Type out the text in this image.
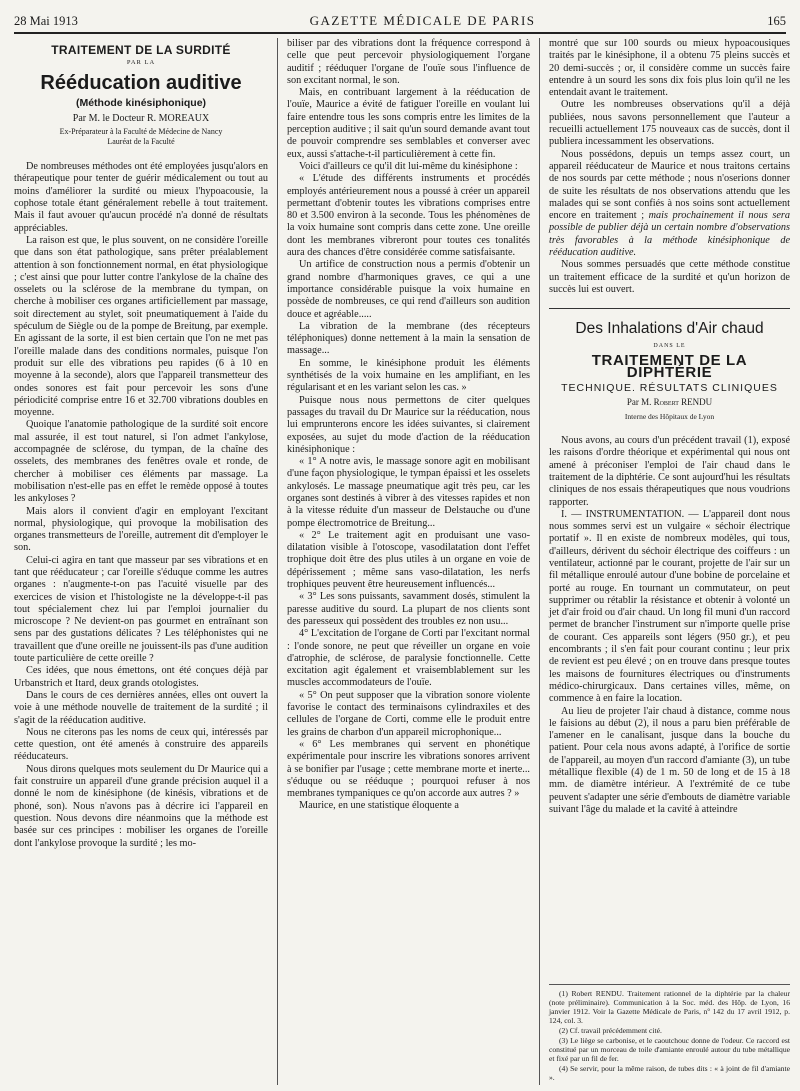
28 Mai 1913	GAZETTE MÉDICALE DE PARIS	165
TRAITEMENT DE LA SURDITÉ
PAR LA
Rééducation auditive
(Méthode kinésiphonique)
Par M. le Docteur R. MOREAUX
Ex-Préparateur à la Faculté de Médecine de Nancy
Lauréat de la Faculté

De nombreuses méthodes ont été employées jusqu'alors en thérapeutique pour tenter de guérir médicalement ou tout au moins d'améliorer la surdité ou mieux l'hypoacousie, la cophose totale étant généralement rebelle à tout traitement. Mais il faut avouer qu'aucun procédé n'a donné de résultats appréciables.

La raison est que, le plus souvent, on ne considère l'oreille que dans son état pathologique, sans prêter préalablement attention à son fonctionnement normal, en état physiologique ; c'est ainsi que pour lutter contre l'ankylose de la chaîne des osselets ou la sclérose de la membrane du tympan, on cherche à mobiliser ces organes artificiellement par massage, soit directement au stylet, soit pneumatiquement à l'aide du spéculum de Siègle ou de la pompe de Breitung, par exemple. En agissant de la sorte, il est bien certain que l'on ne met pas l'oreille malade dans des conditions normales, puisque l'on produit sur elle des vibrations peu rapides (6 à 10 en moyenne à la seconde), alors que l'appareil transmetteur des ondes sonores est fait pour percevoir les sons d'une périodicité comprise entre 16 et 32.700 vibrations doubles en moyenne.

Quoique l'anatomie pathologique de la surdité soit encore mal assurée, il est tout naturel, si l'on admet l'ankylose, accompagnée de sclérose, du tympan, de la chaîne des osselets, des membranes des fenêtres ovale et ronde, de chercher à mobiliser ces éléments par massage. La mobilisation n'est-elle pas en effet le remède opposé à toutes les ankyloses ?

Mais alors il convient d'agir en employant l'excitant normal, physiologique, qui provoque la mobilisation des organes transmetteurs de l'oreille, autrement dit d'employer le son.

Celui-ci agira en tant que masseur par ses vibrations et en tant que rééducateur ; car l'oreille s'éduque comme les autres organes : n'augmente-t-on pas l'acuité visuelle par des exercices de vision et l'histologiste ne la développe-t-il pas tout spécialement chez lui par l'emploi journalier du microscope ? Ne devient-on pas gourmet en entraînant son sens par des gustations délicates ? Les téléphonistes qui ne travaillent que d'une oreille ne jouissent-ils pas d'une audition toute particulière de cette oreille ?

Ces idées, que nous émettons, ont été conçues déjà par Urbanstrich et Itard, deux grands otologistes.

Dans le cours de ces dernières années, elles ont ouvert la voie à une méthode nouvelle de traitement de la surdité ; il s'agit de la rééducation auditive.

Nous ne citerons pas les noms de ceux qui, intéressés par cette question, ont été amenés à construire des appareils rééducateurs.

Nous dirons quelques mots seulement du Dr Maurice qui a fait construire un appareil d'une grande précision auquel il a donné le nom de kinésiphone (de kinésis, vibrations et de phoné, son). Nous n'avons pas à décrire ici l'appareil en question. Nous devons dire néanmoins que la méthode est basée sur ces principes : mobiliser les organes de l'oreille dont l'ankylose provoque la surdité ; les mo-

biliser par des vibrations dont la fréquence correspond à celle que peut percevoir physiologiquement l'organe auditif ; rééduquer l'organe de l'ouïe sous l'influence de son excitant normal, le son.

Mais, en contribuant largement à la rééducation de l'ouïe, Maurice a évité de fatiguer l'oreille en voulant lui faire entendre tous les sons compris entre les limites de la perception auditive ; il sait qu'un sourd demande avant tout de pouvoir comprendre ses semblables et converser avec eux, aussi s'attache-t-il particulièrement à cette fin.

Voici d'ailleurs ce qu'il dit lui-même du kinésiphone :

« L'étude des différents instruments et procédés employés antérieurement nous a poussé à créer un appareil permettant d'obtenir toutes les vibrations comprises entre 80 et 3.500 environ à la seconde. Tous les phénomènes de la voix humaine sont compris dans cette zone. Une oreille dont les membranes vibreront pour toutes ces tonalités aura des chances d'être considérée comme satisfaisante.

Un artifice de construction nous a permis d'obtenir un grand nombre d'harmoniques graves, ce qui a une importance considérable puisque la voix humaine en possède de nombreuses, ce qui rend d'ailleurs son audition douce et agréable.....

La vibration de la membrane (des récepteurs téléphoniques) donne nettement à la main la sensation de massage...

En somme, le kinésiphone produit les éléments synthétisés de la voix humaine en les amplifiant, en les régularisant et en les variant selon les cas. »

Puisque nous nous permettons de citer quelques passages du travail du Dr Maurice sur la rééducation, nous lui emprunterons encore les idées suivantes, si clairement exposées, au sujet du mode d'action de la rééducation kinésiphonique :

« 1° A notre avis, le massage sonore agit en mobilisant d'une façon physiologique, le tympan épaissi et les osselets ankylosés. Le massage pneumatique agit très peu, car les organes sont destinés à vibrer à des vitesses rapides et non à la vitesse réduite d'un masseur de Delstauche ou d'une pompe électromotrice de Breitung...

« 2° Le traitement agit en produisant une vaso-dilatation visible à l'otoscope, vasodilatation dont l'effet trophique doit être des plus utiles à un organe en voie de dépérissement ; même sans vaso-dilatation, les nerfs trophiques peuvent être heureusement influencés...

« 3° Les sons puissants, savamment dosés, stimulent la paresse auditive du sourd. La plupart de nos clients sont des paresseux qui possèdent des troubles ez non usu...

4° L'excitation de l'organe de Corti par l'excitant normal : l'onde sonore, ne peut que réveiller un organe en voie d'atrophie, de sclérose, de paralysie fonctionnelle. Cette excitation agit également et vraisemblablement sur les muscles accommodateurs de l'ouïe.

« 5° On peut supposer que la vibration sonore violente favorise le contact des terminaisons cylindraxiles et des cellules de l'organe de Corti, comme elle le produit entre les grains de charbon d'un appareil microphonique...

« 6° Les membranes qui servent en phonétique expérimentale pour inscrire les vibrations sonores arrivent à se bonifier par l'usage ; cette membrane morte et inerte... s'éduque ou se rééduque ; pourquoi refuser à nos membranes tympaniques ce qu'on accorde aux autres ? »

Maurice, en une statistique éloquente a

montré que sur 100 sourds ou mieux hypoacousiques traités par le kinésiphone, il a obtenu 75 pleins succès et 20 demi-succès ; or, il considère comme un succès faire entendre à un sourd les sons dix fois plus loin qu'il ne les entendait avant le traitement.

Outre les nombreuses observations qu'il a déjà publiées, nous savons personnellement que l'auteur a recueilli actuellement 175 nouveaux cas de succès, dont il publiera incessamment les observations.

Nous possédons, depuis un temps assez court, un appareil rééducateur de Maurice et nous traitons certains de nos sourds par cette méthode ; nous n'oserions donner de suite les résultats de nos observations attendu que les malades qui se sont confiés à nos soins sont actuellement encore en traitement ; mais prochainement il nous sera possible de publier déjà un certain nombre d'observations très favorables à la méthode kinésiphonique de rééducation auditive.

Nous sommes persuadés que cette méthode constitue un traitement efficace de la surdité et qu'un horizon de succès lui est ouvert.

Des Inhalations d'Air chaud
DANS LE
TRAITEMENT DE LA DIPHTÉRIE
TECHNIQUE. RÉSULTATS CLINIQUES
Par M. Robert RENDU
Interne des Hôpitaux de Lyon

Nous avons, au cours d'un précédent travail (1), exposé les raisons d'ordre théorique et expérimental qui nous ont amené à préconiser l'emploi de l'air chaud dans le traitement de la diphtérie. Ce sont aujourd'hui les résultats cliniques de nos essais thérapeutiques que nous voudrions rapporter.

I. — INSTRUMENTATION. — L'appareil dont nous nous sommes servi est un vulgaire « séchoir électrique portatif ». Il en existe de nombreux modèles, qui tous, d'ailleurs, dérivent du séchoir électrique des coiffeurs : un ventilateur, actionné par le courant, projette de l'air sur un fil métallique enroulé autour d'une bobine de porcelaine et porté au rouge. En tournant un commutateur, on peut supprimer ou rétablir la résistance et obtenir à volonté un jet d'air froid ou d'air chaud. Un long fil muni d'un raccord permet de brancher l'instrument sur n'importe quelle prise de courant. Ces appareils sont légers (950 gr.), et peu encombrants ; il s'en fait pour courant continu ; leur prix de revient est peu élevé ; on en trouve dans presque toutes les maisons de fournitures électriques ou d'instruments médico-chirurgicaux. Dans certaines villes, même, on commence à en faire la location.

Au lieu de projeter l'air chaud à distance, comme nous le faisions au début (2), il nous a paru bien préférable de l'amener en le canalisant, jusque dans la bouche du patient. Pour cela nous avons adapté, à l'orifice de sortie de l'appareil, au moyen d'un raccord d'amiante (3), un tube métallique flexible (4) de 1 m. 50 de long et de 15 à 18 mm. de diamètre intérieur. A l'extrémité de ce tube peuvent s'adapter une série d'embouts de diamètre variable suivant l'âge du malade et la cavité à atteindre

(1) Robert RENDU. Traitement rationnel de la diphtérie par la chaleur (note préliminaire). Communication à la Soc. méd. des Hôp. de Lyon, 16 janvier 1912. Voir la Gazette Médicale de Paris, nº 142 du 17 avril 1912, p. 124, col. 3.

(2) Cf. travail précédemment cité.

(3) Le liège se carbonise, et le caoutchouc donne de l'odeur. Ce raccord est constitué par un morceau de toile d'amiante enroulé autour du tube métallique et fixé par un fil de fer.

(4) Se servir, pour la même raison, de tubes dits : « à joint de fil d'amiante ».
